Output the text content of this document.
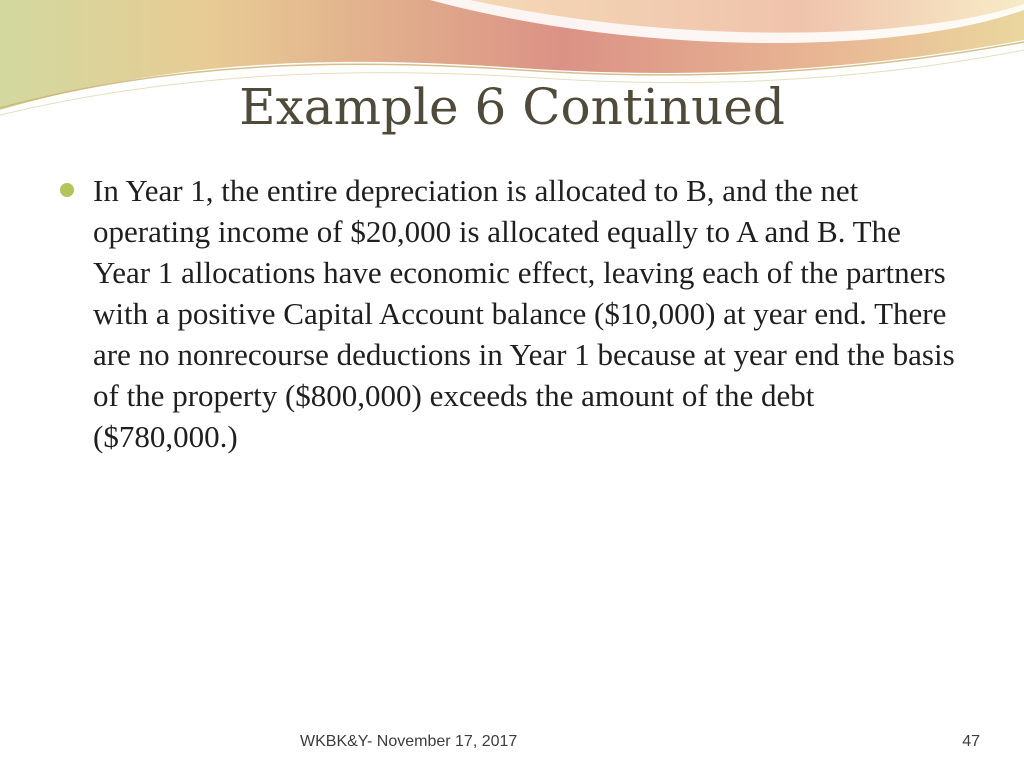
Example 6 Continued
In Year 1, the entire depreciation is allocated to B, and the net operating income of $20,000 is allocated equally to A and B. The Year 1 allocations have economic effect, leaving each of the partners with a positive Capital Account balance ($10,000) at year end. There are no nonrecourse deductions in Year 1 because at year end the basis of the property ($800,000) exceeds the amount of the debt ($780,000.)
WKBK&Y- November 17, 2017	47
